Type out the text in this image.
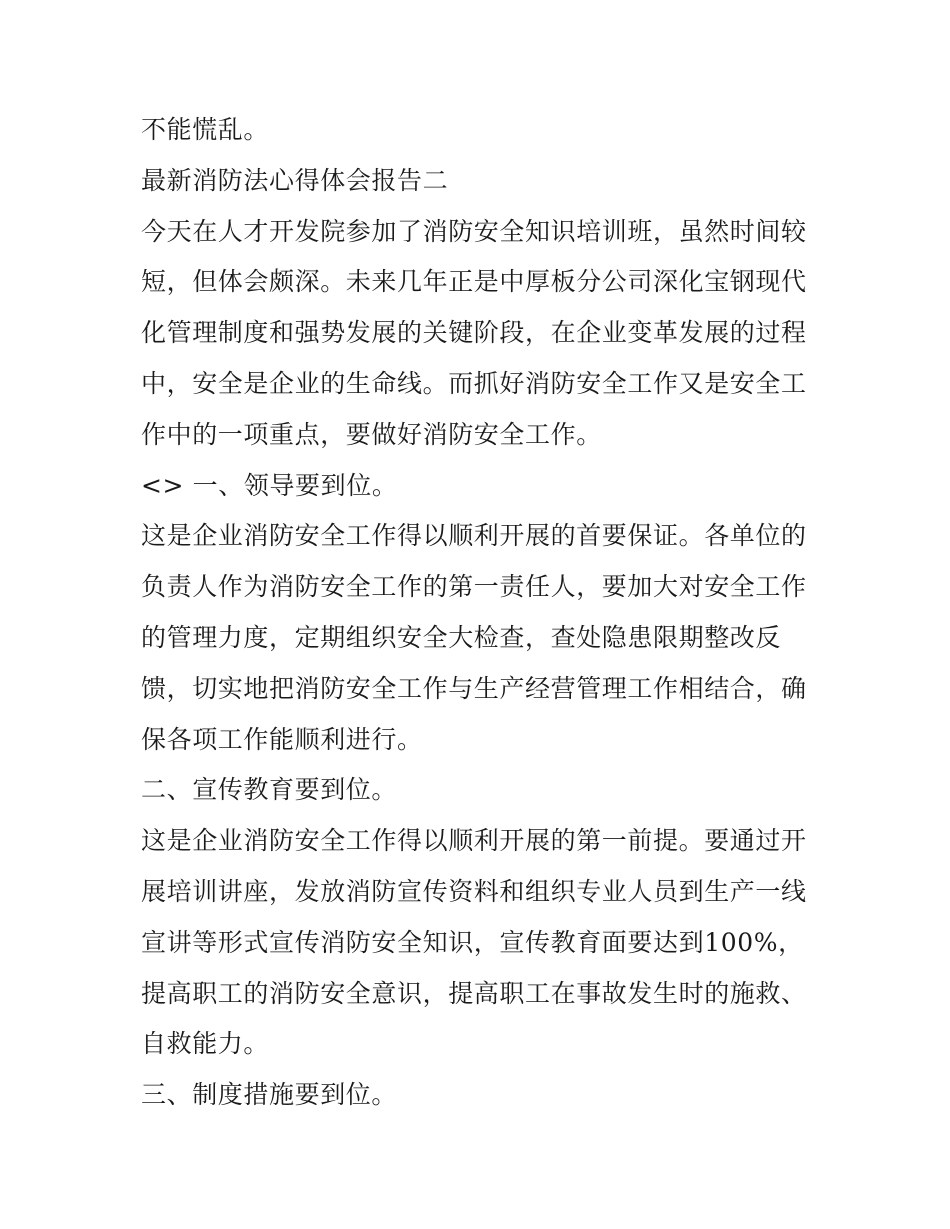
不能慌乱。

最新消防法心得体会报告二

今天在人才开发院参加了消防安全知识培训班，虽然时间较短，但体会颇深。未来几年正是中厚板分公司深化宝钢现代化管理制度和强势发展的关键阶段，在企业变革发展的过程中，安全是企业的生命线。而抓好消防安全工作又是安全工作中的一项重点，要做好消防安全工作。

<> 一、领导要到位。

这是企业消防安全工作得以顺利开展的首要保证。各单位的负责人作为消防安全工作的第一责任人，要加大对安全工作的管理力度，定期组织安全大检查，查处隐患限期整改反馈，切实地把消防安全工作与生产经营管理工作相结合，确保各项工作能顺利进行。

二、宣传教育要到位。

这是企业消防安全工作得以顺利开展的第一前提。要通过开展培训讲座，发放消防宣传资料和组织专业人员到生产一线宣讲等形式宣传消防安全知识，宣传教育面要达到100%，提高职工的消防安全意识，提高职工在事故发生时的施救、自救能力。

三、制度措施要到位。
